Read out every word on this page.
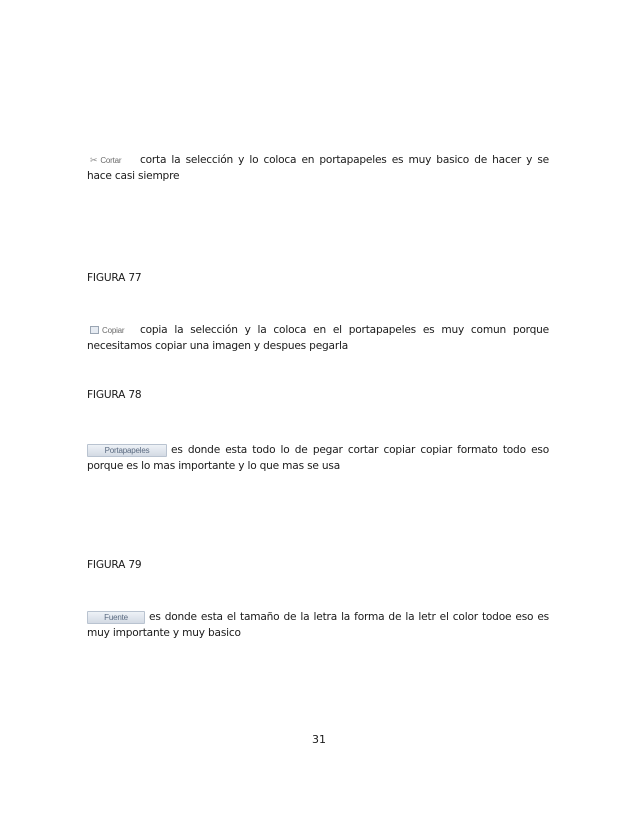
✂ Cortar corta la selección y lo coloca en portapapeles es muy basico de hacer y se hace casi siempre
FIGURA 77
Copiar copia la selección y la coloca en el portapapeles es muy comun porque necesitamos copiar una imagen y despues pegarla
FIGURA 78
Portapapeles es donde esta todo lo de pegar cortar copiar copiar formato todo eso porque es lo mas importante y lo que mas se usa
FIGURA 79
Fuente es donde esta el tamaño de la letra la forma de la letr el color todoe eso es muy importante y muy basico
31
